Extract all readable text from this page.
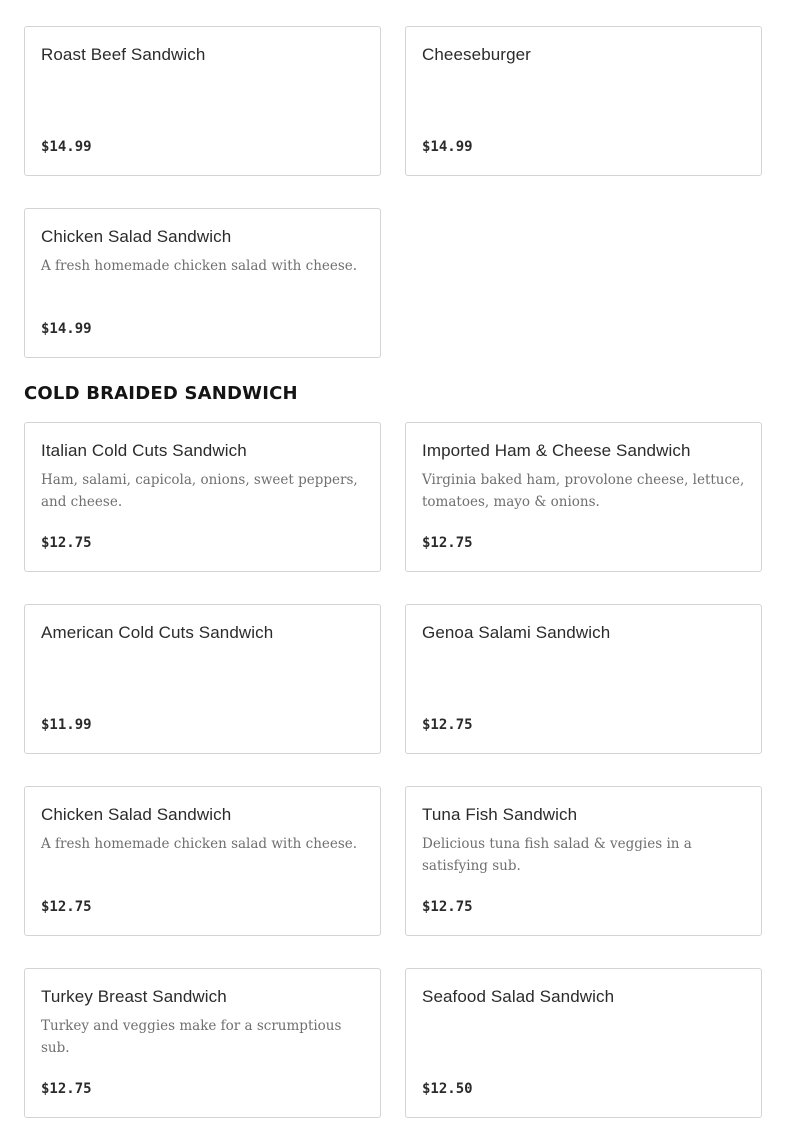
Roast Beef Sandwich
$14.99
Cheeseburger
$14.99
Chicken Salad Sandwich
A fresh homemade chicken salad with cheese.
$14.99
COLD BRAIDED SANDWICH
Italian Cold Cuts Sandwich
Ham, salami, capicola, onions, sweet peppers, and cheese.
$12.75
Imported Ham & Cheese Sandwich
Virginia baked ham, provolone cheese, lettuce, tomatoes, mayo & onions.
$12.75
American Cold Cuts Sandwich
$11.99
Genoa Salami Sandwich
$12.75
Chicken Salad Sandwich
A fresh homemade chicken salad with cheese.
$12.75
Tuna Fish Sandwich
Delicious tuna fish salad & veggies in a satisfying sub.
$12.75
Turkey Breast Sandwich
Turkey and veggies make for a scrumptious sub.
$12.75
Seafood Salad Sandwich
$12.50
